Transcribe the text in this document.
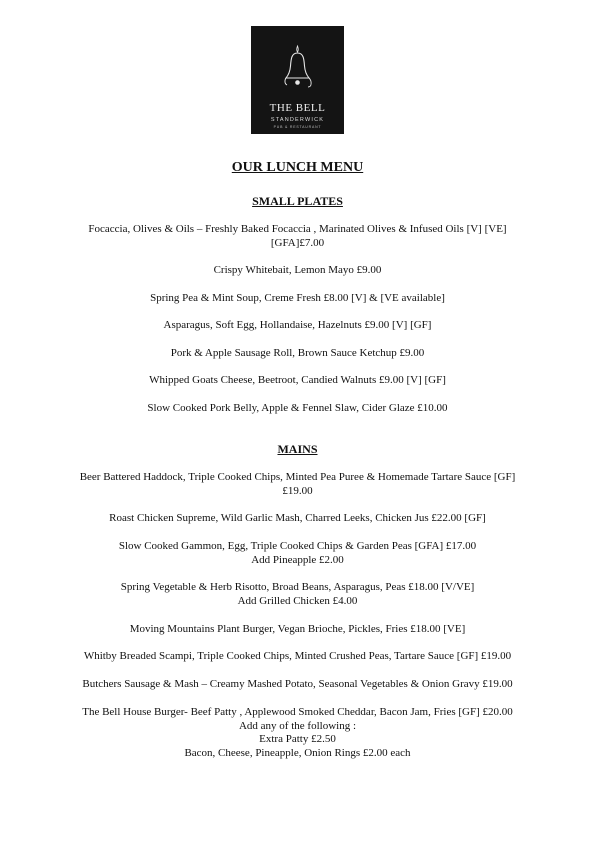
THE BELL
STANDERWICK
PUB & RESTAURANT
OUR LUNCH MENU
SMALL PLATES
Focaccia, Olives & Oils – Freshly Baked Focaccia , Marinated Olives & Infused Oils [V] [VE]
[GFA]£7.00
Crispy Whitebait, Lemon Mayo £9.00
Spring Pea & Mint Soup, Creme Fresh £8.00 [V] & [VE available]
Asparagus, Soft Egg, Hollandaise, Hazelnuts £9.00 [V] [GF]
Pork & Apple Sausage Roll, Brown Sauce Ketchup £9.00
Whipped Goats Cheese, Beetroot, Candied Walnuts £9.00 [V] [GF]
Slow Cooked Pork Belly, Apple & Fennel Slaw, Cider Glaze £10.00
MAINS
Beer Battered Haddock, Triple Cooked Chips, Minted Pea Puree & Homemade Tartare Sauce [GF]
£19.00
Roast Chicken Supreme, Wild Garlic Mash, Charred Leeks, Chicken Jus £22.00 [GF]
Slow Cooked Gammon, Egg, Triple Cooked Chips & Garden Peas [GFA] £17.00
Add Pineapple £2.00
Spring Vegetable & Herb Risotto, Broad Beans, Asparagus, Peas £18.00 [V/VE]
Add Grilled Chicken £4.00
Moving Mountains Plant Burger, Vegan Brioche, Pickles, Fries £18.00 [VE]
Whitby Breaded Scampi, Triple Cooked Chips, Minted Crushed Peas, Tartare Sauce [GF] £19.00
Butchers Sausage & Mash – Creamy Mashed Potato, Seasonal Vegetables & Onion Gravy £19.00
The Bell House Burger- Beef Patty , Applewood Smoked Cheddar, Bacon Jam, Fries [GF] £20.00
Add any of the following :
Extra Patty £2.50
Bacon, Cheese, Pineapple, Onion Rings £2.00 each
